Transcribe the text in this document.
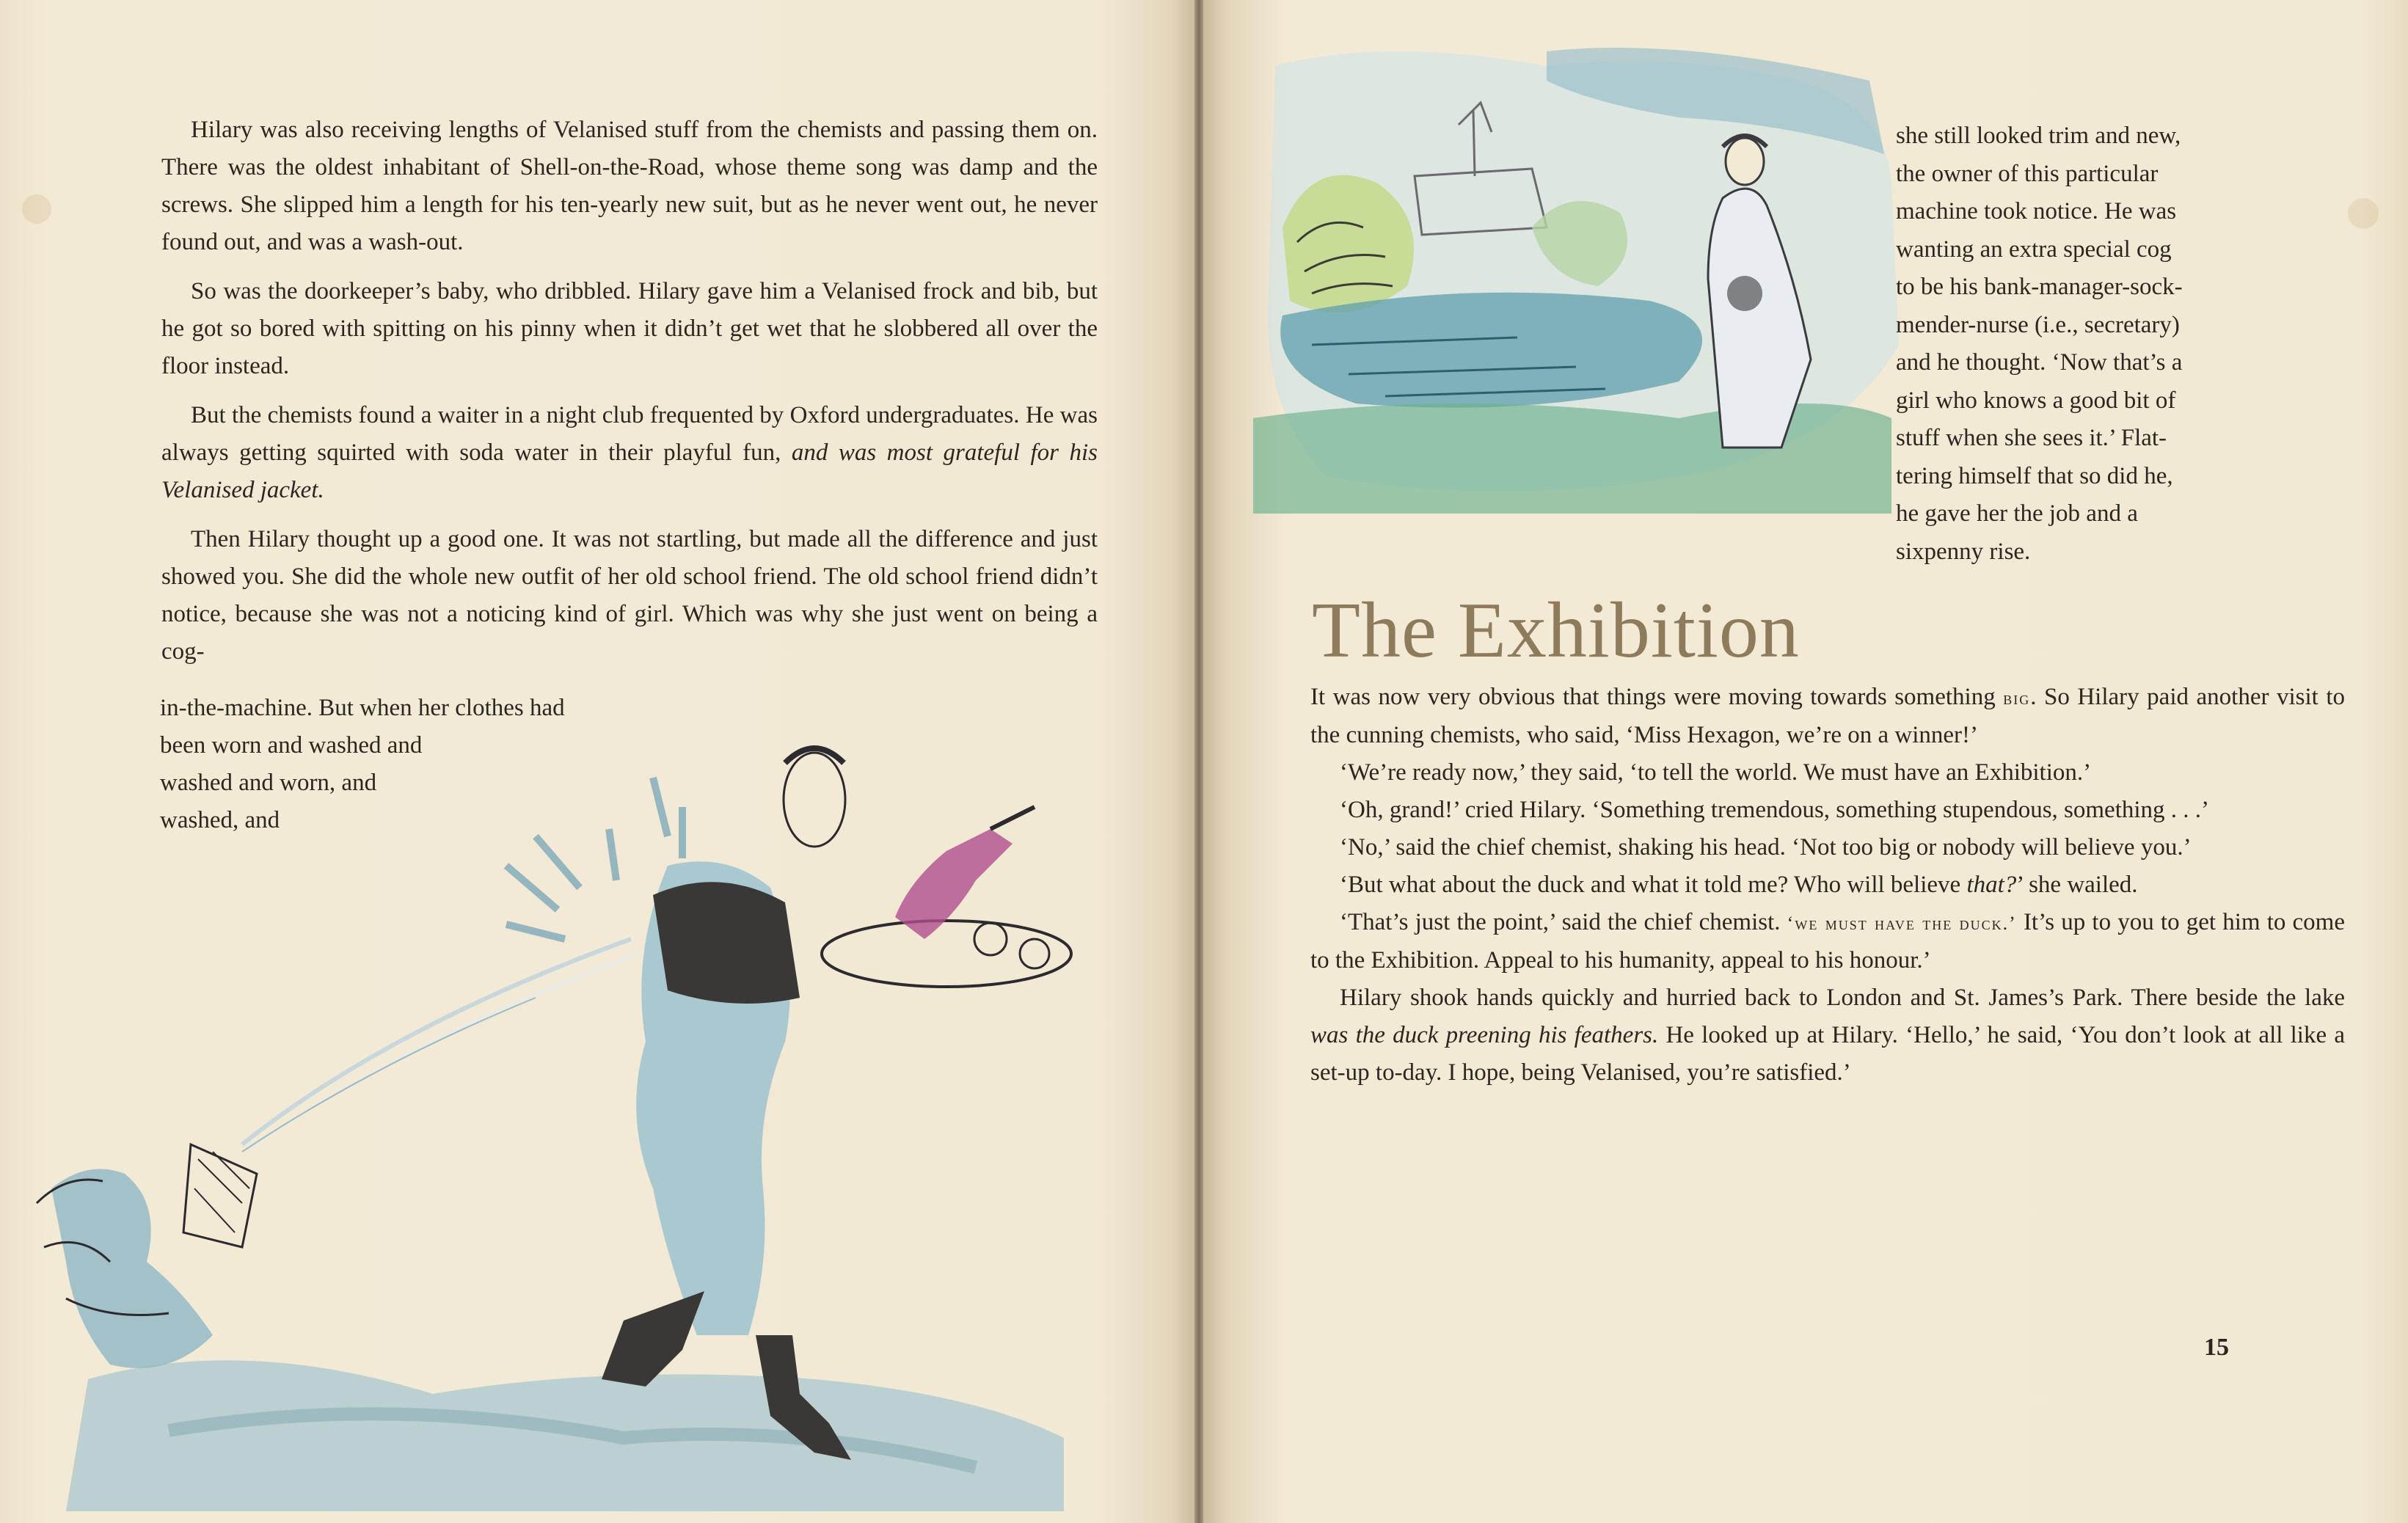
Hilary was also receiving lengths of Velanised stuff from the chemists and passing them on. There was the oldest inhabitant of Shell-on-the-Road, whose theme song was damp and the screws. She slipped him a length for his ten-yearly new suit, but as he never went out, he never found out, and was a wash-out.

So was the doorkeeper’s baby, who dribbled. Hilary gave him a Velanised frock and bib, but he got so bored with spitting on his pinny when it didn’t get wet that he slobbered all over the floor instead.

But the chemists found a waiter in a night club frequented by Oxford undergraduates. He was always getting squirted with soda water in their playful fun, and was most grateful for his Velanised jacket.

Then Hilary thought up a good one. It was not startling, but made all the difference and just showed you. She did the whole new outfit of her old school friend. The old school friend didn’t notice, because she was not a noticing kind of girl. Which was why she just went on being a cog-

in-the-machine. But when her clothes had
been worn and washed and
washed and worn, and
washed, and
she still looked trim and new,
the owner of this particular
machine took notice. He was
wanting an extra special cog
to be his bank-manager-sock-
mender-nurse (i.e., secretary)
and he thought. ‘Now that’s a
girl who knows a good bit of
stuff when she sees it.’ Flat-
tering himself that so did he,
he gave her the job and a
sixpenny rise.
The Exhibition

It was now very obvious that things were moving towards something big. So Hilary paid another visit to the cunning chemists, who said, ‘Miss Hexagon, we’re on a winner!’

‘We’re ready now,’ they said, ‘to tell the world. We must have an Exhibition.’

‘Oh, grand!’ cried Hilary. ‘Something tremendous, something stupendous, something . . .’

‘No,’ said the chief chemist, shaking his head. ‘Not too big or nobody will believe you.’

‘But what about the duck and what it told me? Who will believe that?’ she wailed.

‘That’s just the point,’ said the chief chemist. ‘we must have the duck.’ It’s up to you to get him to come to the Exhibition. Appeal to his humanity, appeal to his honour.’

Hilary shook hands quickly and hurried back to London and St. James’s Park. There beside the lake was the duck preening his feathers. He looked up at Hilary. ‘Hello,’ he said, ‘You don’t look at all like a set-up to-day. I hope, being Velanised, you’re satisfied.’

15
